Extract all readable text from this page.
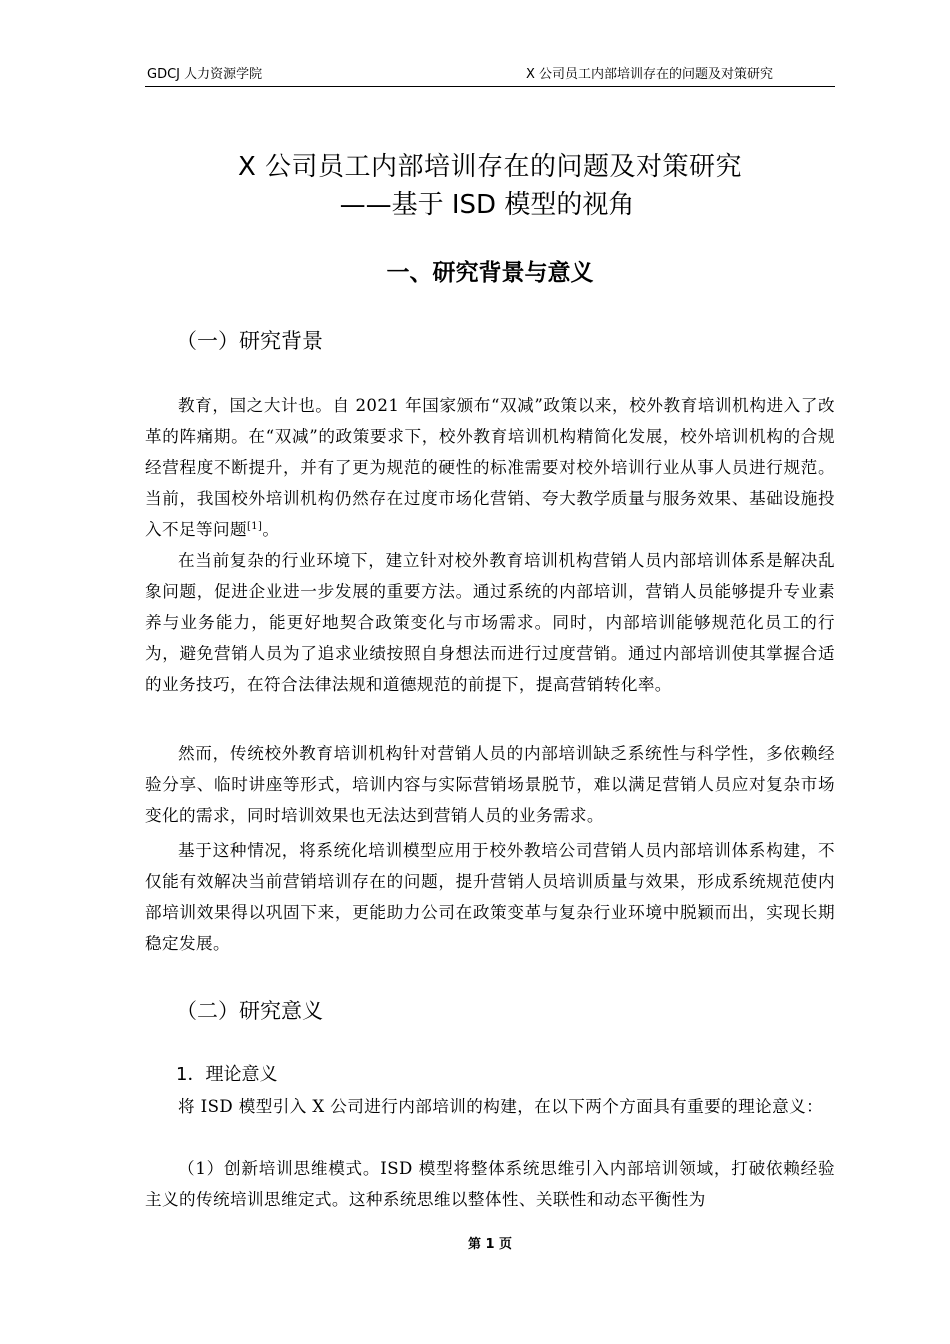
GDCJ 人力资源学院	X 公司员工内部培训存在的问题及对策研究
X 公司员工内部培训存在的问题及对策研究
——基于 ISD 模型的视角
一、研究背景与意义
（一）研究背景

教育，国之大计也。自 2021 年国家颁布“双减”政策以来，校外教育培训机构进入了改革的阵痛期。在“双减”的政策要求下，校外教育培训机构精简化发展，校外培训机构的合规经营程度不断提升，并有了更为规范的硬性的标准需要对校外培训行业从事人员进行规范。当前，我国校外培训机构仍然存在过度市场化营销、夸大教学质量与服务效果、基础设施投入不足等问题[1]。

在当前复杂的行业环境下，建立针对校外教育培训机构营销人员内部培训体系是解决乱象问题，促进企业进一步发展的重要方法。通过系统的内部培训，营销人员能够提升专业素养与业务能力，能更好地契合政策变化与市场需求。同时，内部培训能够规范化员工的行为，避免营销人员为了追求业绩按照自身想法而进行过度营销。通过内部培训使其掌握合适的业务技巧，在符合法律法规和道德规范的前提下，提高营销转化率。

然而，传统校外教育培训机构针对营销人员的内部培训缺乏系统性与科学性，多依赖经验分享、临时讲座等形式，培训内容与实际营销场景脱节，难以满足营销人员应对复杂市场变化的需求，同时培训效果也无法达到营销人员的业务需求。

基于这种情况，将系统化培训模型应用于校外教培公司营销人员内部培训体系构建，不仅能有效解决当前营销培训存在的问题，提升营销人员培训质量与效果，形成系统规范使内部培训效果得以巩固下来，更能助力公司在政策变革与复杂行业环境中脱颖而出，实现长期稳定发展。

（二）研究意义
1．理论意义

将 ISD 模型引入 X 公司进行内部培训的构建，在以下两个方面具有重要的理论意义：

（1）创新培训思维模式。ISD 模型将整体系统思维引入内部培训领域，打破依赖经验主义的传统培训思维定式。这种系统思维以整体性、关联性和动态平衡性为

第 1 页
